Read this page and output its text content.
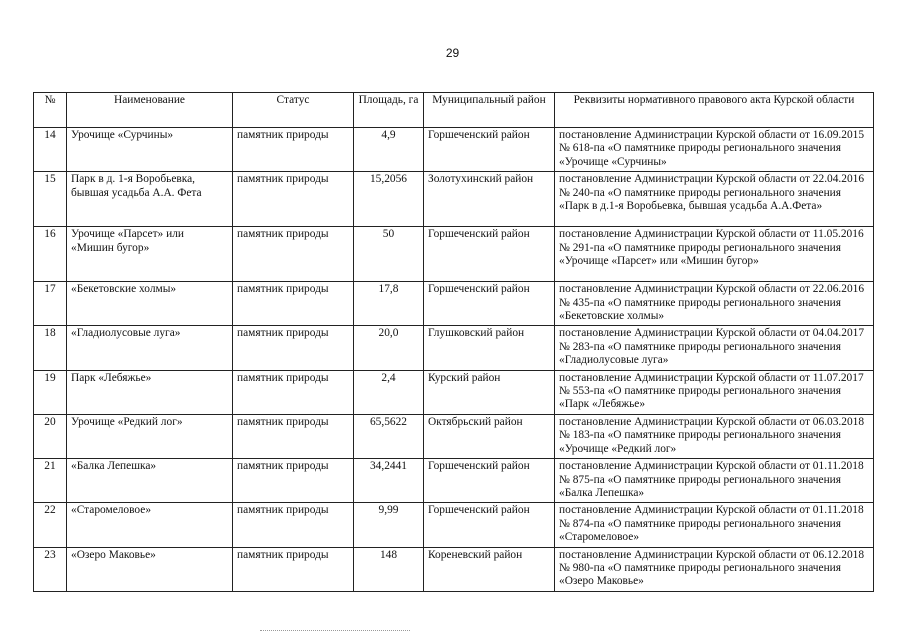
29
№	Наименование	Статус	Площадь, га	Муниципальный район	Реквизиты нормативного правового акта Курской области
14	Урочище «Сурчины»	памятник природы	4,9	Горшеченский район	постановление Администрации Курской области от 16.09.2015 № 618-па «О памятнике природы регионального значения «Урочище «Сурчины»
15	Парк в д. 1-я Воробьевка, бывшая усадьба А.А. Фета	памятник природы	15,2056	Золотухинский район	постановление Администрации Курской области от 22.04.2016 № 240-па «О памятнике природы регионального значения «Парк в д.1-я Воробьевка, бывшая усадьба А.А.Фета»
16	Урочище «Парсет» или «Мишин бугор»	памятник природы	50	Горшеченский район	постановление Администрации Курской области от 11.05.2016 № 291-па «О памятнике природы регионального значения «Урочище «Парсет» или «Мишин бугор»
17	«Бекетовские холмы»	памятник природы	17,8	Горшеченский район	постановление Администрации Курской области от 22.06.2016 № 435-па «О памятнике природы регионального значения «Бекетовские холмы»
18	«Гладиолусовые луга»	памятник природы	20,0	Глушковский район	постановление Администрации Курской области от 04.04.2017 № 283-па «О памятнике природы регионального значения «Гладиолусовые луга»
19	Парк «Лебяжье»	памятник природы	2,4	Курский район	постановление Администрации Курской области от 11.07.2017 № 553-па «О памятнике природы регионального значения «Парк «Лебяжье»
20	Урочище «Редкий лог»	памятник природы	65,5622	Октябрьский район	постановление Администрации Курской области от 06.03.2018 № 183-па «О памятнике природы регионального значения «Урочище «Редкий лог»
21	«Балка Лепешка»	памятник природы	34,2441	Горшеченский район	постановление Администрации Курской области от 01.11.2018 № 875-па «О памятнике природы регионального значения «Балка Лепешка»
22	«Старомеловое»	памятник природы	9,99	Горшеченский район	постановление Администрации Курской области от 01.11.2018 № 874-па «О памятнике природы регионального значения «Старомеловое»
23	«Озеро Маковье»	памятник природы	148	Кореневский район	постановление Администрации Курской области от 06.12.2018 № 980-па «О памятнике природы регионального значения «Озеро Маковье»
